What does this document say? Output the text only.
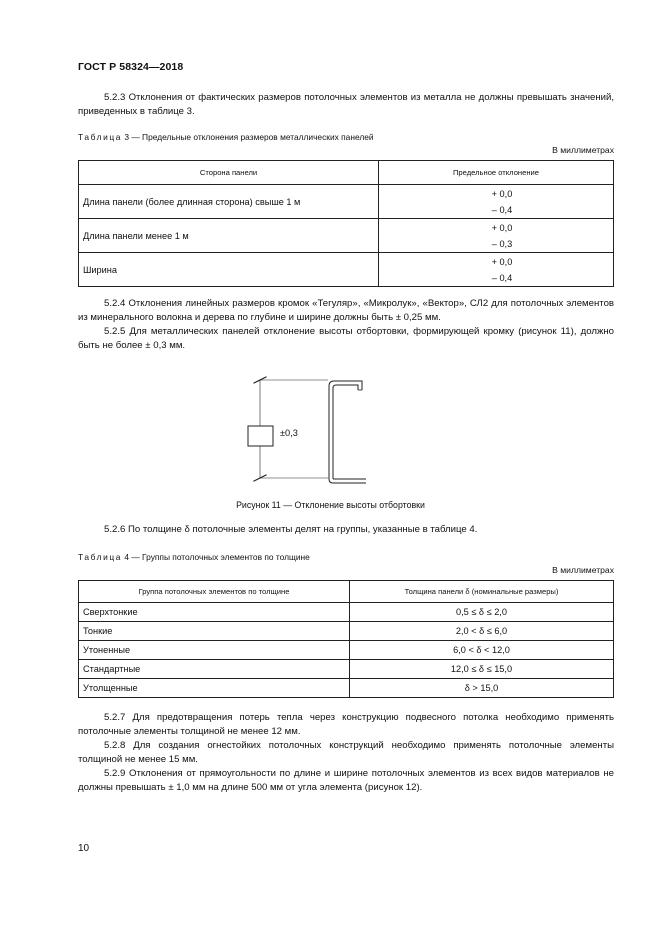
ГОСТ Р 58324—2018
5.2.3 Отклонения от фактических размеров потолочных элементов из металла не должны превышать значений, приведенных в таблице 3.
Таблица 3 — Предельные отклонения размеров металлических панелей
В миллиметрах
Сторона панели	Предельное отклонение
Длина панели (более длинная сторона) свыше 1 м	+ 0,0
– 0,4

Длина панели менее 1 м	+ 0,0
– 0,3

Ширина	+ 0,0
– 0,4
5.2.4 Отклонения линейных размеров кромок «Тегуляр», «Микролук», «Вектор», СЛ2 для потолочных элементов из минерального волокна и дерева по глубине и ширине должны быть ± 0,25 мм.
5.2.5 Для металлических панелей отклонение высоты отбортовки, формирующей кромку (рисунок 11), должно быть не более ± 0,3 мм.
±0,3
Рисунок 11 — Отклонение высоты отбортовки
5.2.6 По толщине δ потолочные элементы делят на группы, указанные в таблице 4.
Таблица 4 — Группы потолочных элементов по толщине
В миллиметрах
Группа потолочных элементов по толщине	Толщина панели δ (номинальные размеры)
Сверхтонкие	0,5 ≤ δ ≤ 2,0
Тонкие	2,0 < δ ≤ 6,0
Утоненные	6,0 < δ < 12,0
Стандартные	12,0 ≤ δ ≤ 15,0
Утолщенные	δ > 15,0
5.2.7 Для предотвращения потерь тепла через конструкцию подвесного потолка необходимо применять потолочные элементы толщиной не менее 12 мм.
5.2.8 Для создания огнестойких потолочных конструкций необходимо применять потолочные элементы толщиной не менее 15 мм.
5.2.9 Отклонения от прямоугольности по длине и ширине потолочных элементов из всех видов материалов не должны превышать ± 1,0 мм на длине 500 мм от угла элемента (рисунок 12).
10
